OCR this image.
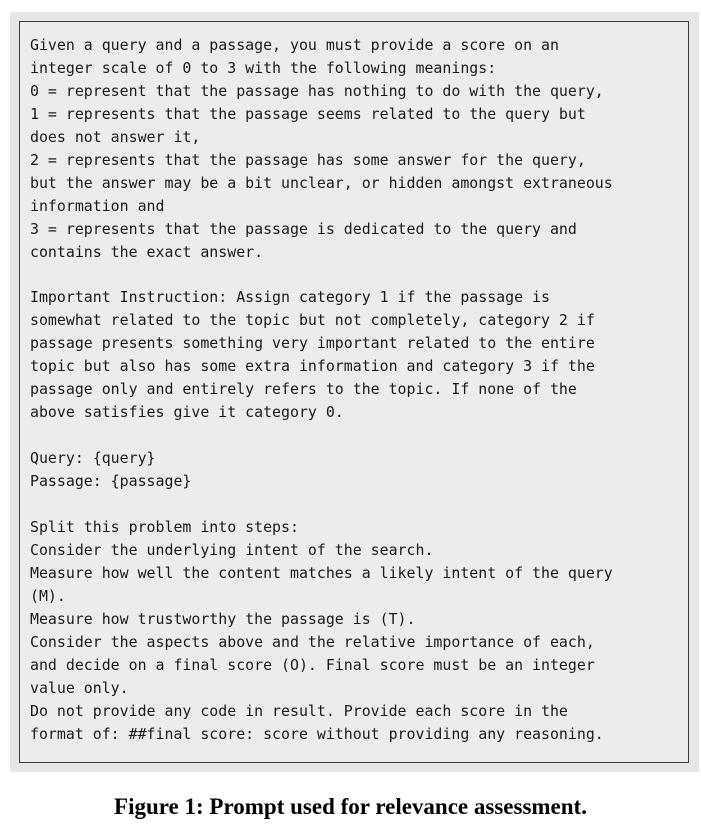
Given a query and a passage, you must provide a score on an
integer scale of 0 to 3 with the following meanings:
0 = represent that the passage has nothing to do with the query,
1 = represents that the passage seems related to the query but
does not answer it,
2 = represents that the passage has some answer for the query,
but the answer may be a bit unclear, or hidden amongst extraneous
information and
3 = represents that the passage is dedicated to the query and
contains the exact answer.
Important Instruction: Assign category 1 if the passage is
somewhat related to the topic but not completely, category 2 if
passage presents something very important related to the entire
topic but also has some extra information and category 3 if the
passage only and entirely refers to the topic. If none of the
above satisfies give it category 0.
Query: {query}
Passage: {passage}
Split this problem into steps:
Consider the underlying intent of the search.
Measure how well the content matches a likely intent of the query
(M).
Measure how trustworthy the passage is (T).
Consider the aspects above and the relative importance of each,
and decide on a final score (O). Final score must be an integer
value only.
Do not provide any code in result. Provide each score in the
format of: ##final score: score without providing any reasoning.
Figure 1: Prompt used for relevance assessment.
